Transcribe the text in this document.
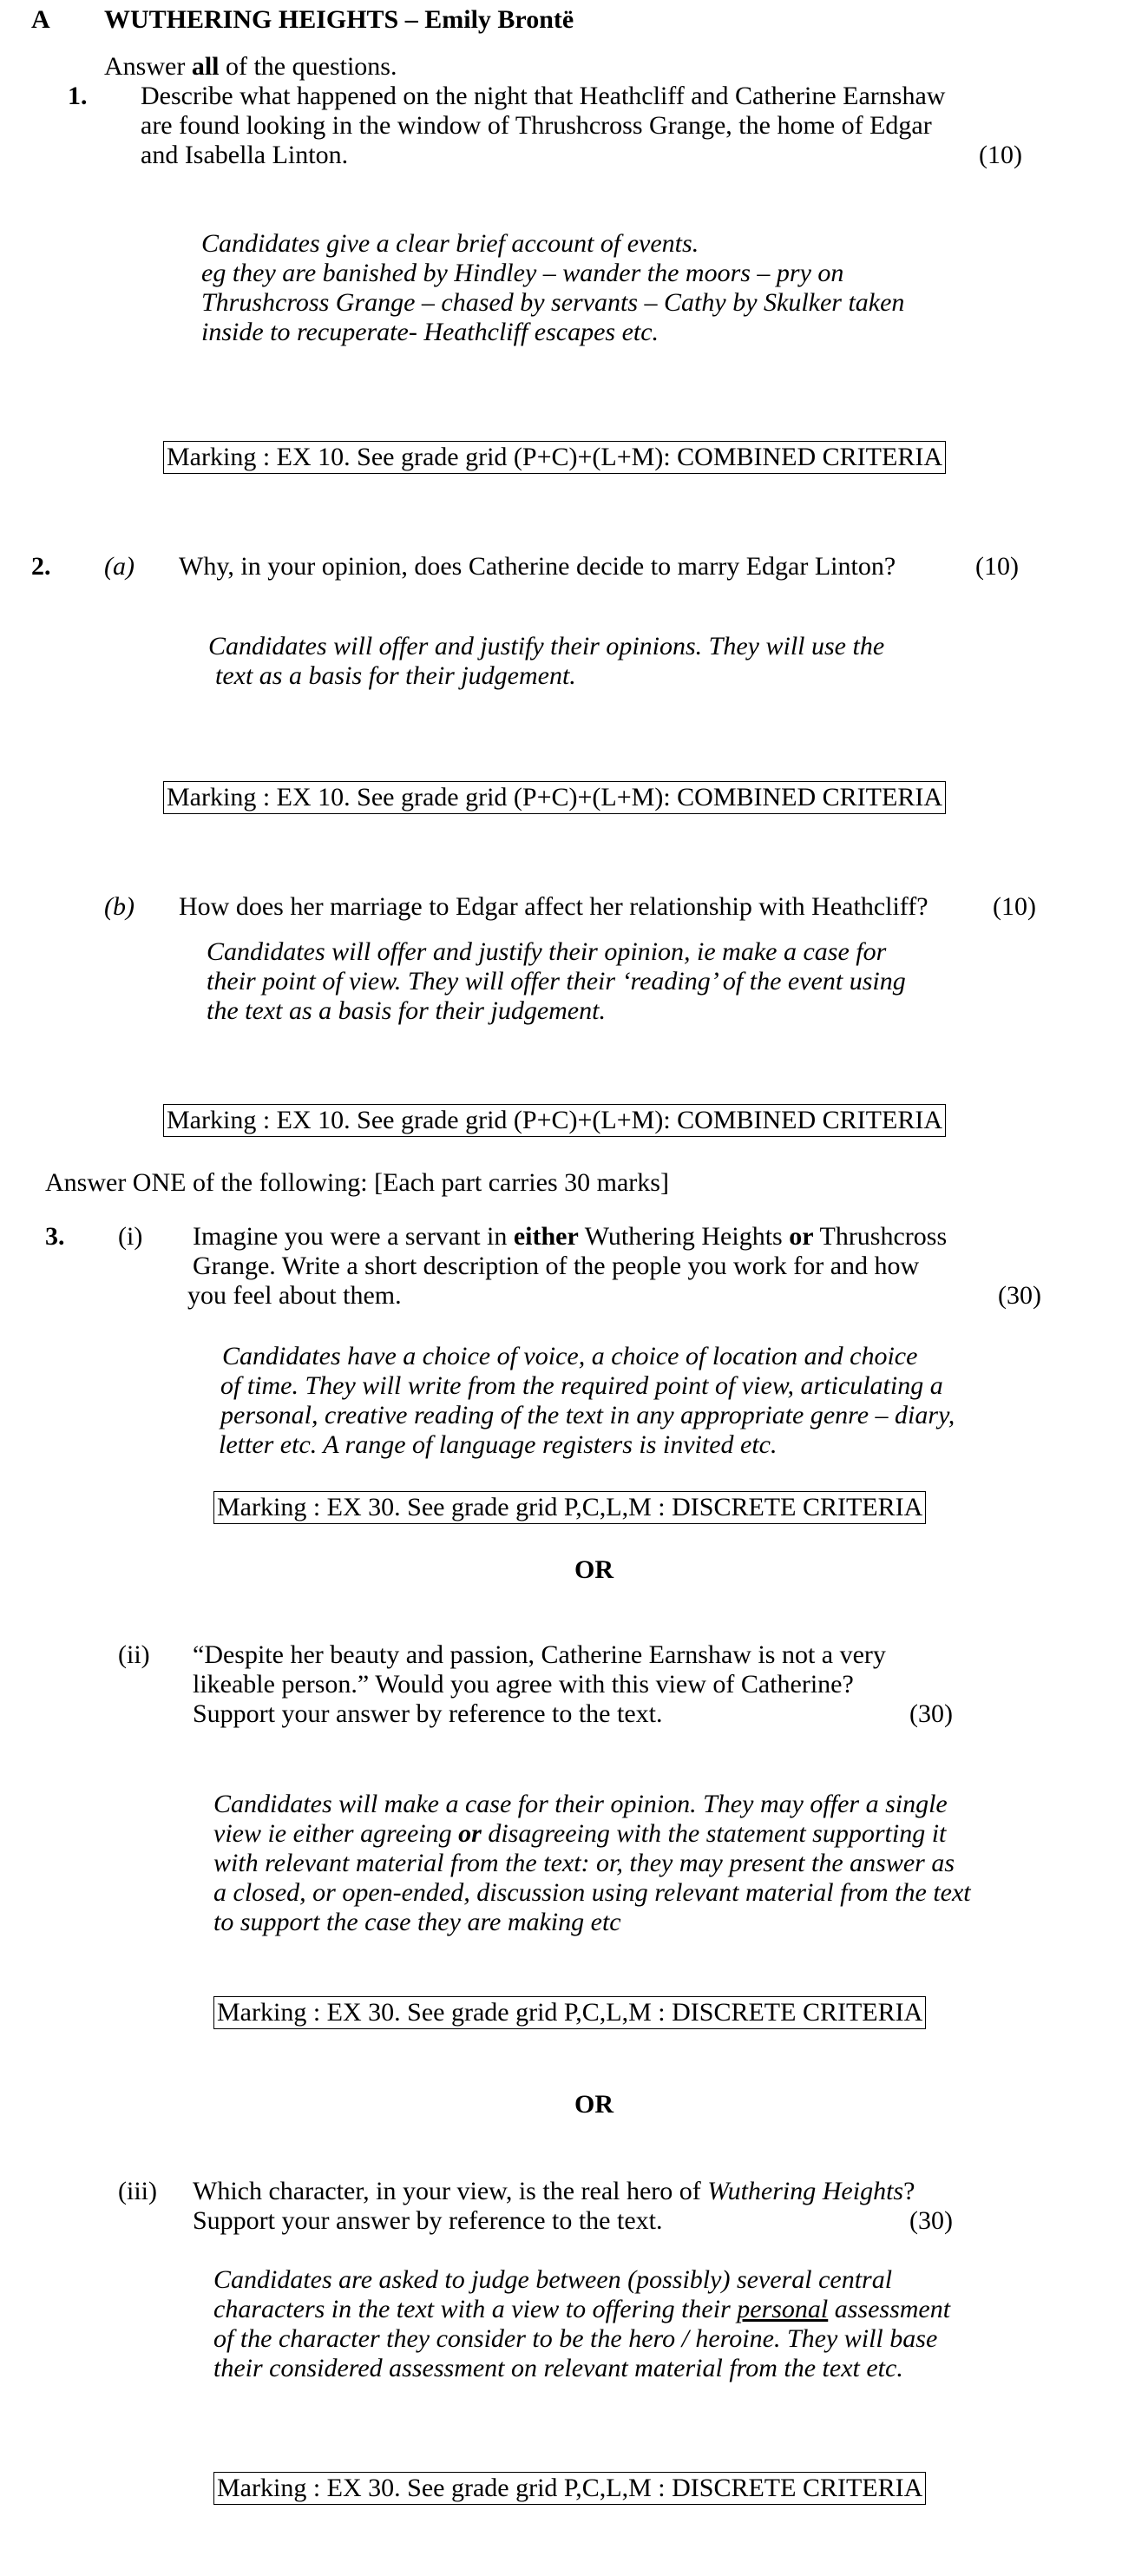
A WUTHERING HEIGHTS – Emily Brontë
Answer all of the questions.
1. Describe what happened on the night that Heathcliff and Catherine Earnshaw
are found looking in the window of Thrushcross Grange, the home of Edgar
and Isabella Linton.	(10)
Candidates give a clear brief account of events.
eg they are banished by Hindley – wander the moors – pry on
Thrushcross Grange – chased by servants – Cathy by Skulker taken
inside to recuperate- Heathcliff escapes etc.
Marking : EX 10. See grade grid (P+C)+(L+M): COMBINED CRITERIA
2. (a) Why, in your opinion, does Catherine decide to marry Edgar Linton?	(10)
Candidates will offer and justify their opinions. They will use the
text as a basis for their judgement.
Marking : EX 10. See grade grid (P+C)+(L+M): COMBINED CRITERIA
(b) How does her marriage to Edgar affect her relationship with Heathcliff? (10)
Candidates will offer and justify their opinion, ie make a case for
their point of view. They will offer their ‘reading’ of the event using
the text as a basis for their judgement.
Marking : EX 10. See grade grid (P+C)+(L+M): COMBINED CRITERIA
Answer ONE of the following: [Each part carries 30 marks]
3. (i) Imagine you were a servant in either Wuthering Heights or Thrushcross
Grange. Write a short description of the people you work for and how
you feel about them.	(30)
Candidates have a choice of voice, a choice of location and choice
of time. They will write from the required point of view, articulating a
personal, creative reading of the text in any appropriate genre – diary,
letter etc. A range of language registers is invited etc.
Marking : EX 30. See grade grid P,C,L,M : DISCRETE CRITERIA
OR
(ii) “Despite her beauty and passion, Catherine Earnshaw is not a very
likeable person.” Would you agree with this view of Catherine?
Support your answer by reference to the text.	(30)
Candidates will make a case for their opinion. They may offer a single
view ie either agreeing or disagreeing with the statement supporting it
with relevant material from the text: or, they may present the answer as
a closed, or open-ended, discussion using relevant material from the text
to support the case they are making etc
Marking : EX 30. See grade grid P,C,L,M : DISCRETE CRITERIA
OR
(iii) Which character, in your view, is the real hero of Wuthering Heights?
Support your answer by reference to the text.	(30)
Candidates are asked to judge between (possibly) several central
characters in the text with a view to offering their personal assessment
of the character they consider to be the hero / heroine. They will base
their considered assessment on relevant material from the text etc.
Marking : EX 30. See grade grid P,C,L,M : DISCRETE CRITERIA
